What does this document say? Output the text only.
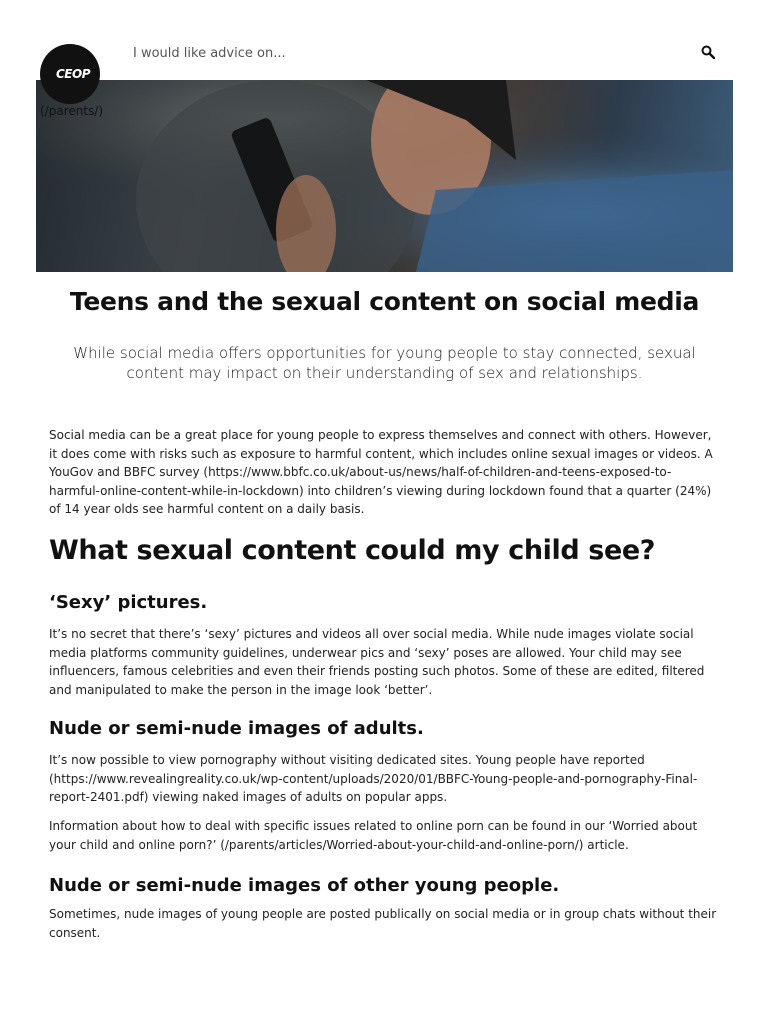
I would like advice on...
CEOP
(/parents/)
Teens and the sexual content on social media

While social media offers opportunities for young people to stay connected, sexual content may impact on their understanding of sex and relationships.

Social media can be a great place for young people to express themselves and connect with others. However, it does come with risks such as exposure to harmful content, which includes online sexual images or videos. A YouGov and BBFC survey (https://www.bbfc.co.uk/about-us/news/half-of-children-and-teens-exposed-to-harmful-online-content-while-in-lockdown) into children’s viewing during lockdown found that a quarter (24%) of 14 year olds see harmful content on a daily basis.

What sexual content could my child see?
‘Sexy’ pictures.

It’s no secret that there’s ‘sexy’ pictures and videos all over social media. While nude images violate social media platforms community guidelines, underwear pics and ‘sexy’ poses are allowed. Your child may see influencers, famous celebrities and even their friends posting such photos. Some of these are edited, filtered and manipulated to make the person in the image look ‘better’.

Nude or semi-nude images of adults.

It’s now possible to view pornography without visiting dedicated sites. Young people have reported (https://www.revealingreality.co.uk/wp-content/uploads/2020/01/BBFC-Young-people-and-pornography-Final-report-2401.pdf) viewing naked images of adults on popular apps.

Information about how to deal with specific issues related to online porn can be found in our ‘Worried about your child and online porn?’ (/parents/articles/Worried-about-your-child-and-online-porn/) article.

Nude or semi-nude images of other young people.

Sometimes, nude images of young people are posted publically on social media or in group chats without their consent.
